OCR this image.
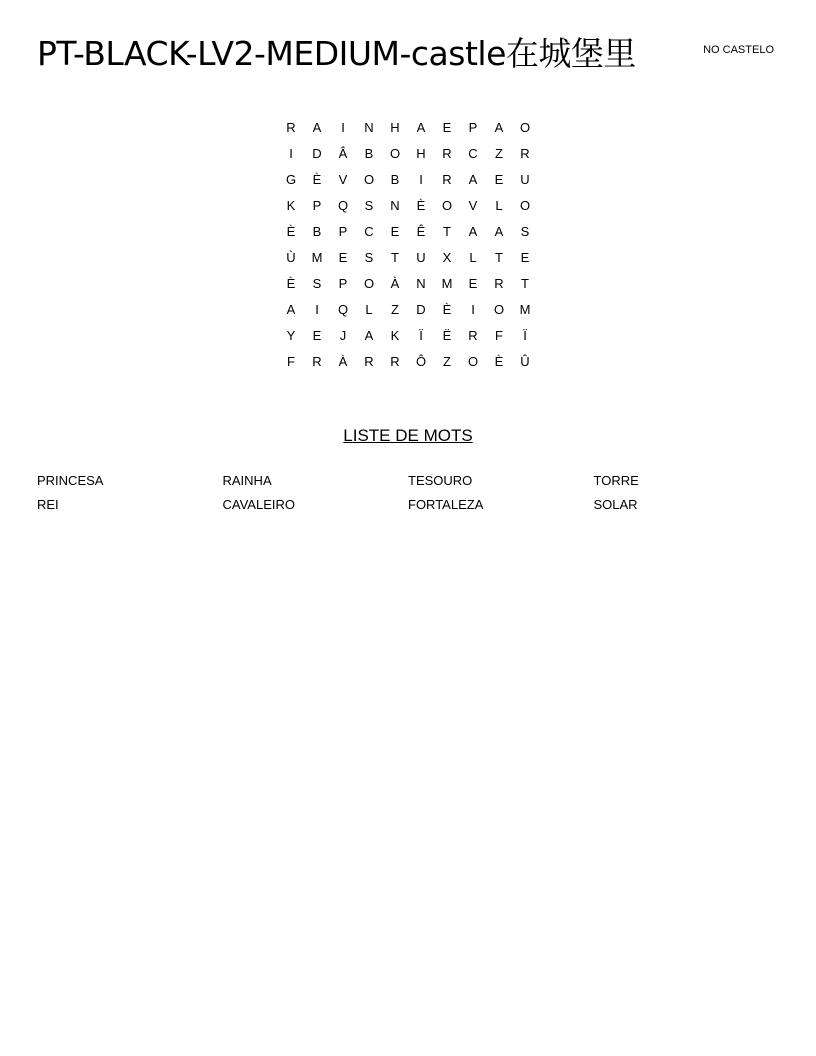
PT-BLACK-LV2-MEDIUM-castle在城堡里	NO CASTELO
R	A	I	N	H	A	E	P	A	O
I	D	Â	B	O	H	R	C	Z	R
G	È	V	O	B	I	R	A	E	U
K	P	Q	S	N	È	O	V	L	O
È	B	P	C	E	Ê	T	A	A	S
Ù	M	E	S	T	U	X	L	T	E
È	S	P	O	À	N	M	E	R	T
A	I	Q	L	Z	D	È	I	O	M
Y	E	J	A	K	Ï	Ë	R	F	Ï
F	R	À	R	R	Ô	Z	O	È	Û
LISTE DE MOTS
PRINCESA	RAINHA	TESOURO	TORRE
REI	CAVALEIRO	FORTALEZA	SOLAR
